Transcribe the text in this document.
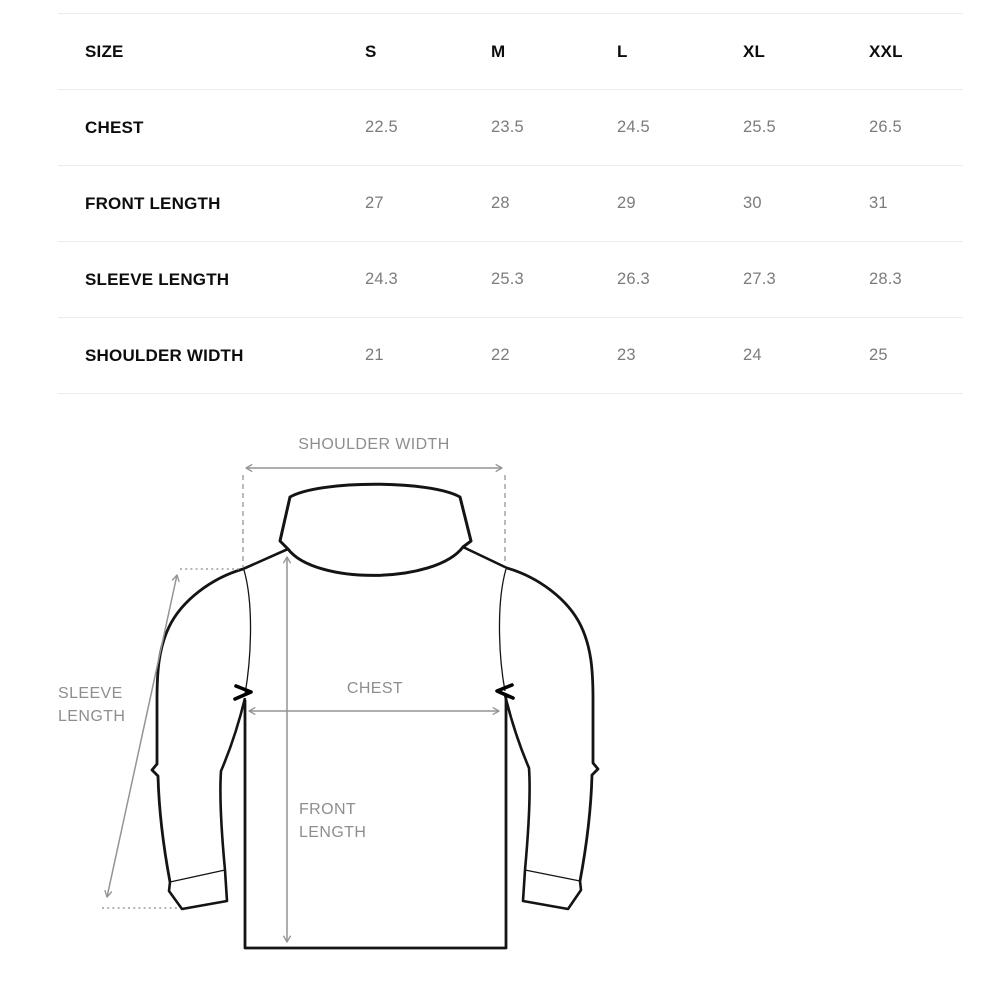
SIZE	S	M	L	XL	XXL
CHEST	22.5	23.5	24.5	25.5	26.5
FRONT LENGTH	27	28	29	30	31
SLEEVE LENGTH	24.3	25.3	26.3	27.3	28.3
SHOULDER WIDTH	21	22	23	24	25
SHOULDER WIDTH
CHEST
SLEEVE
LENGTH
FRONT
LENGTH
